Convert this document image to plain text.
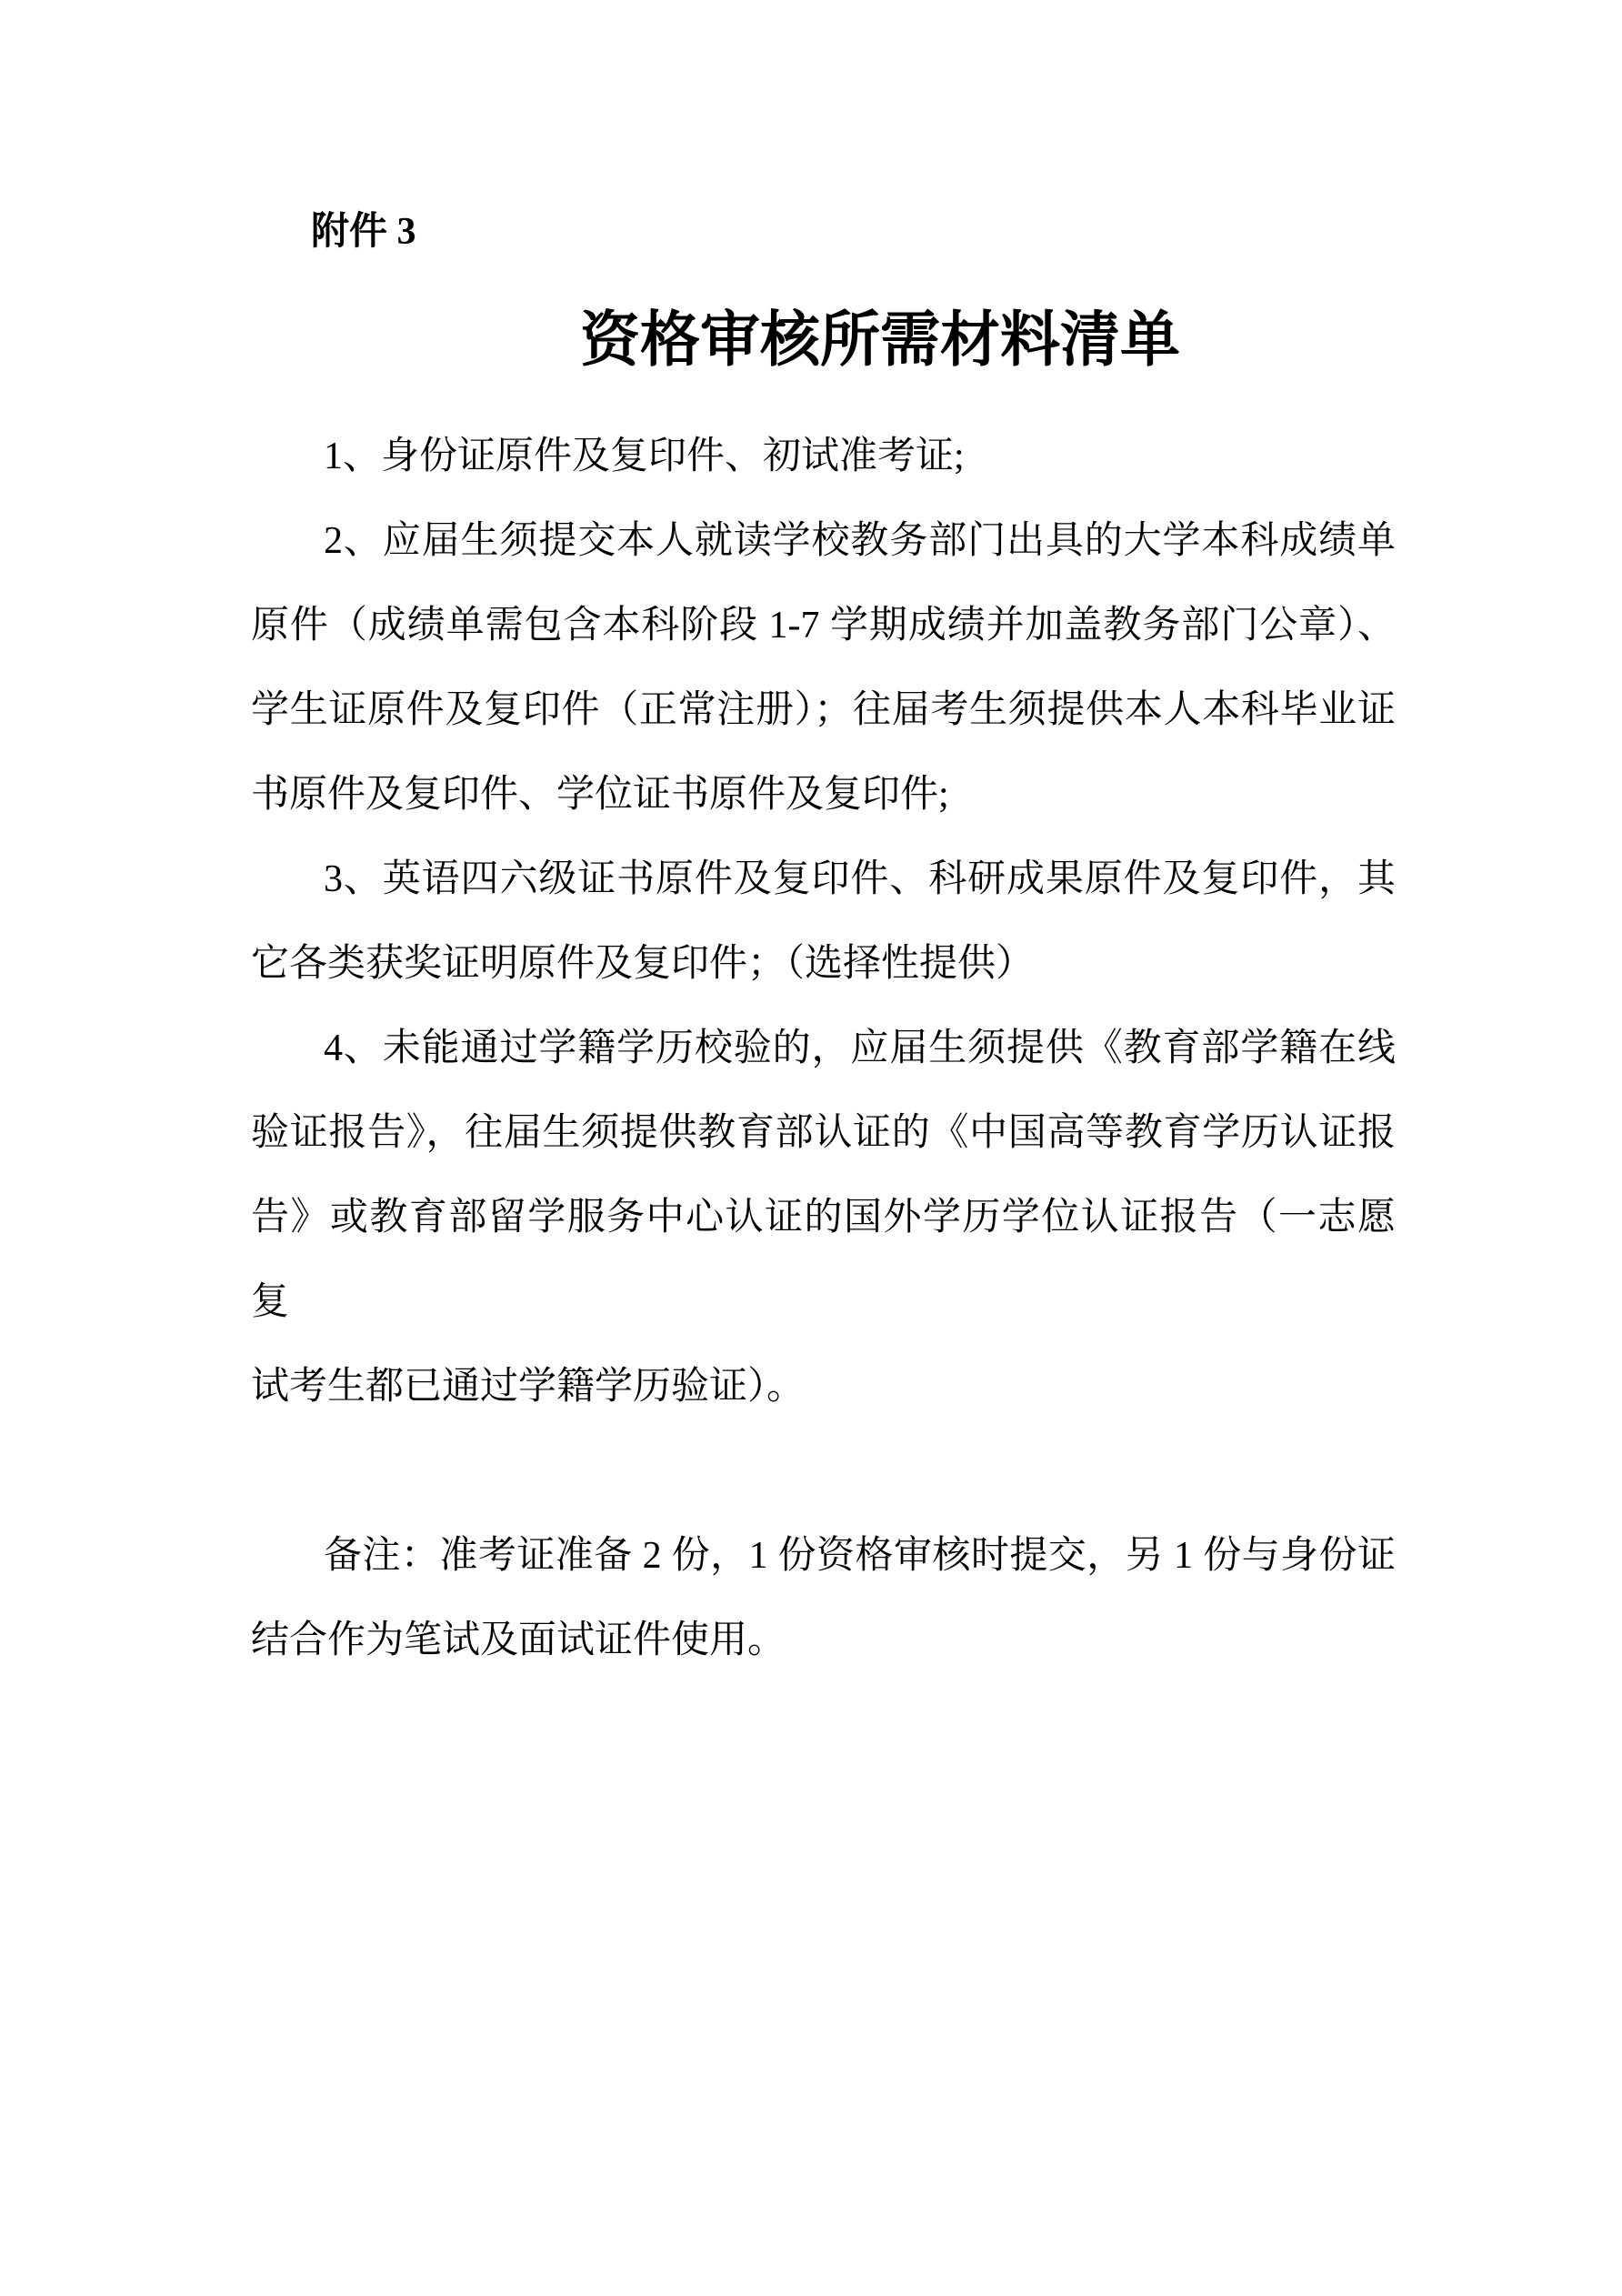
附件 3
资格审核所需材料清单
1、身份证原件及复印件、初试准考证;
2、应届生须提交本人就读学校教务部门出具的大学本科成绩单
原件（成绩单需包含本科阶段 1-7 学期成绩并加盖教务部门公章）、
学生证原件及复印件（正常注册）；往届考生须提供本人本科毕业证
书原件及复印件、学位证书原件及复印件;
3、英语四六级证书原件及复印件、科研成果原件及复印件，其
它各类获奖证明原件及复印件；（选择性提供）
4、未能通过学籍学历校验的，应届生须提供《教育部学籍在线
验证报告》，往届生须提供教育部认证的《中国高等教育学历认证报
告》或教育部留学服务中心认证的国外学历学位认证报告（一志愿复
试考生都已通过学籍学历验证）。
备注：准考证准备 2 份，1 份资格审核时提交，另 1 份与身份证
结合作为笔试及面试证件使用。
